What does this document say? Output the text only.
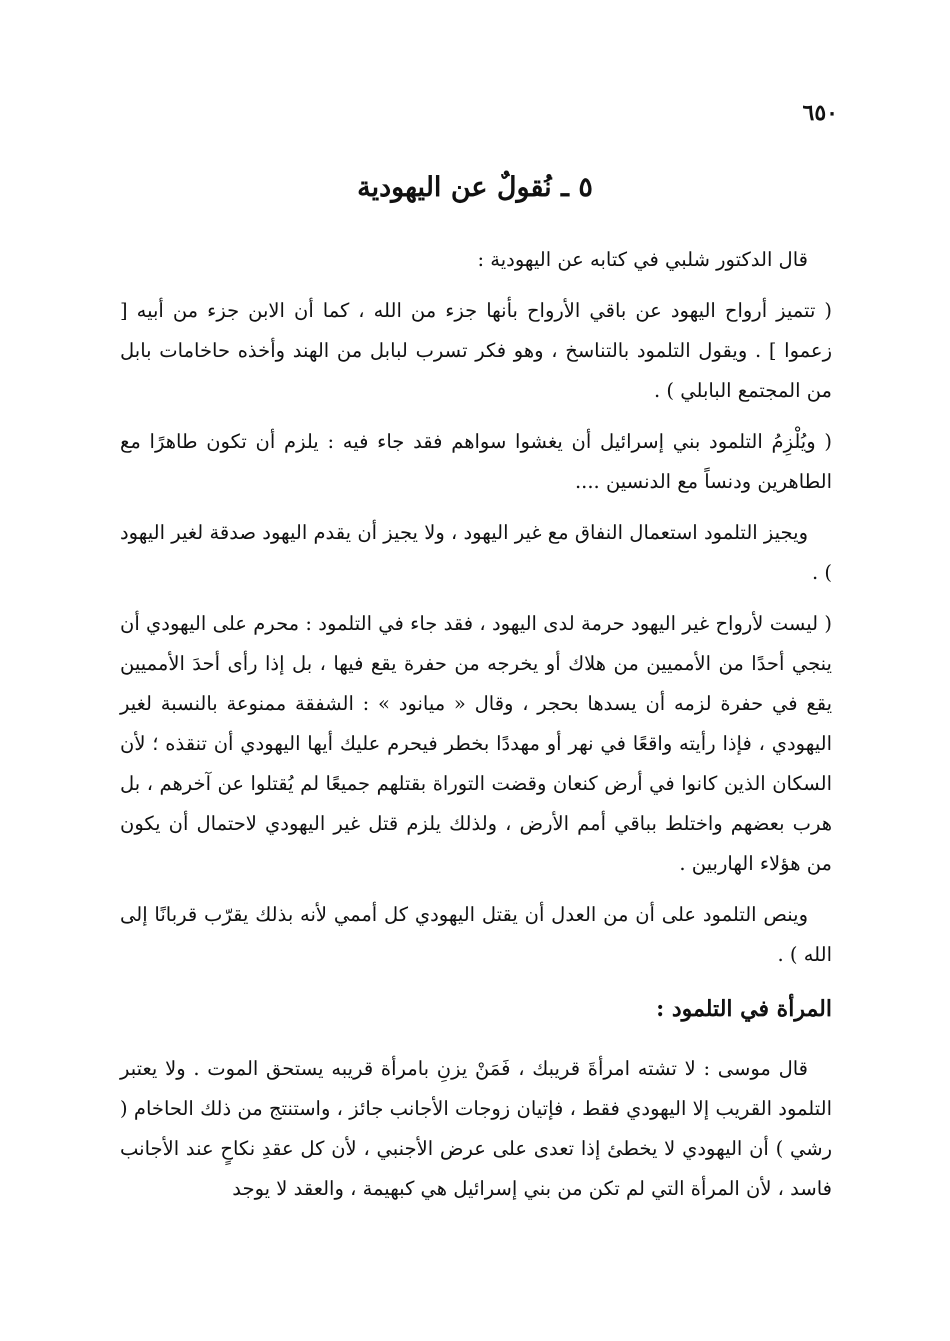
٦٥٠
٥ ـ نُقولٌ عن اليهودية

قال الدكتور شلبي في كتابه عن اليهودية :

( تتميز أرواح اليهود عن باقي الأرواح بأنها جزء من الله ، كما أن الابن جزء من أبيه [ زعموا ] . ويقول التلمود بالتناسخ ، وهو فكر تسرب لبابل من الهند وأخذه حاخامات بابل من المجتمع البابلي ) .

( ويُلْزِمُ التلمود بني إسرائيل أن يغشوا سواهم فقد جاء فيه : يلزم أن تكون طاهرًا مع الطاهرين ودنساً مع الدنسين ....

ويجيز التلمود استعمال النفاق مع غير اليهود ، ولا يجيز أن يقدم اليهود صدقة لغير اليهود ) .

( ليست لأرواح غير اليهود حرمة لدى اليهود ، فقد جاء في التلمود : محرم على اليهودي أن ينجي أحدًا من الأمميين من هلاك أو يخرجه من حفرة يقع فيها ، بل إذا رأى أحدَ الأمميين يقع في حفرة لزمه أن يسدها بحجر ، وقال « ميانود » : الشفقة ممنوعة بالنسبة لغير اليهودي ، فإذا رأيته واقعًا في نهر أو مهددًا بخطر فيحرم عليك أيها اليهودي أن تنقذه ؛ لأن السكان الذين كانوا في أرض كنعان وقضت التوراة بقتلهم جميعًا لم يُقتلوا عن آخرهم ، بل هرب بعضهم واختلط بباقي أمم الأرض ، ولذلك يلزم قتل غير اليهودي لاحتمال أن يكون من هؤلاء الهاربين .

وينص التلمود على أن من العدل أن يقتل اليهودي كل أممي لأنه بذلك يقرّب قربانًا إلى الله ) .

المرأة في التلمود :

قال موسى : لا تشته امرأةَ قريبك ، فَمَنْ يزنِ بامرأة قريبه يستحق الموت . ولا يعتبر التلمود القريب إلا اليهودي فقط ، فإتيان زوجات الأجانب جائز ، واستنتج من ذلك الحاخام ( رشي ) أن اليهودي لا يخطئ إذا تعدى على عرض الأجنبي ، لأن كل عقدِ نكاحٍ عند الأجانب فاسد ، لأن المرأة التي لم تكن من بني إسرائيل هي كبهيمة ، والعقد لا يوجد
